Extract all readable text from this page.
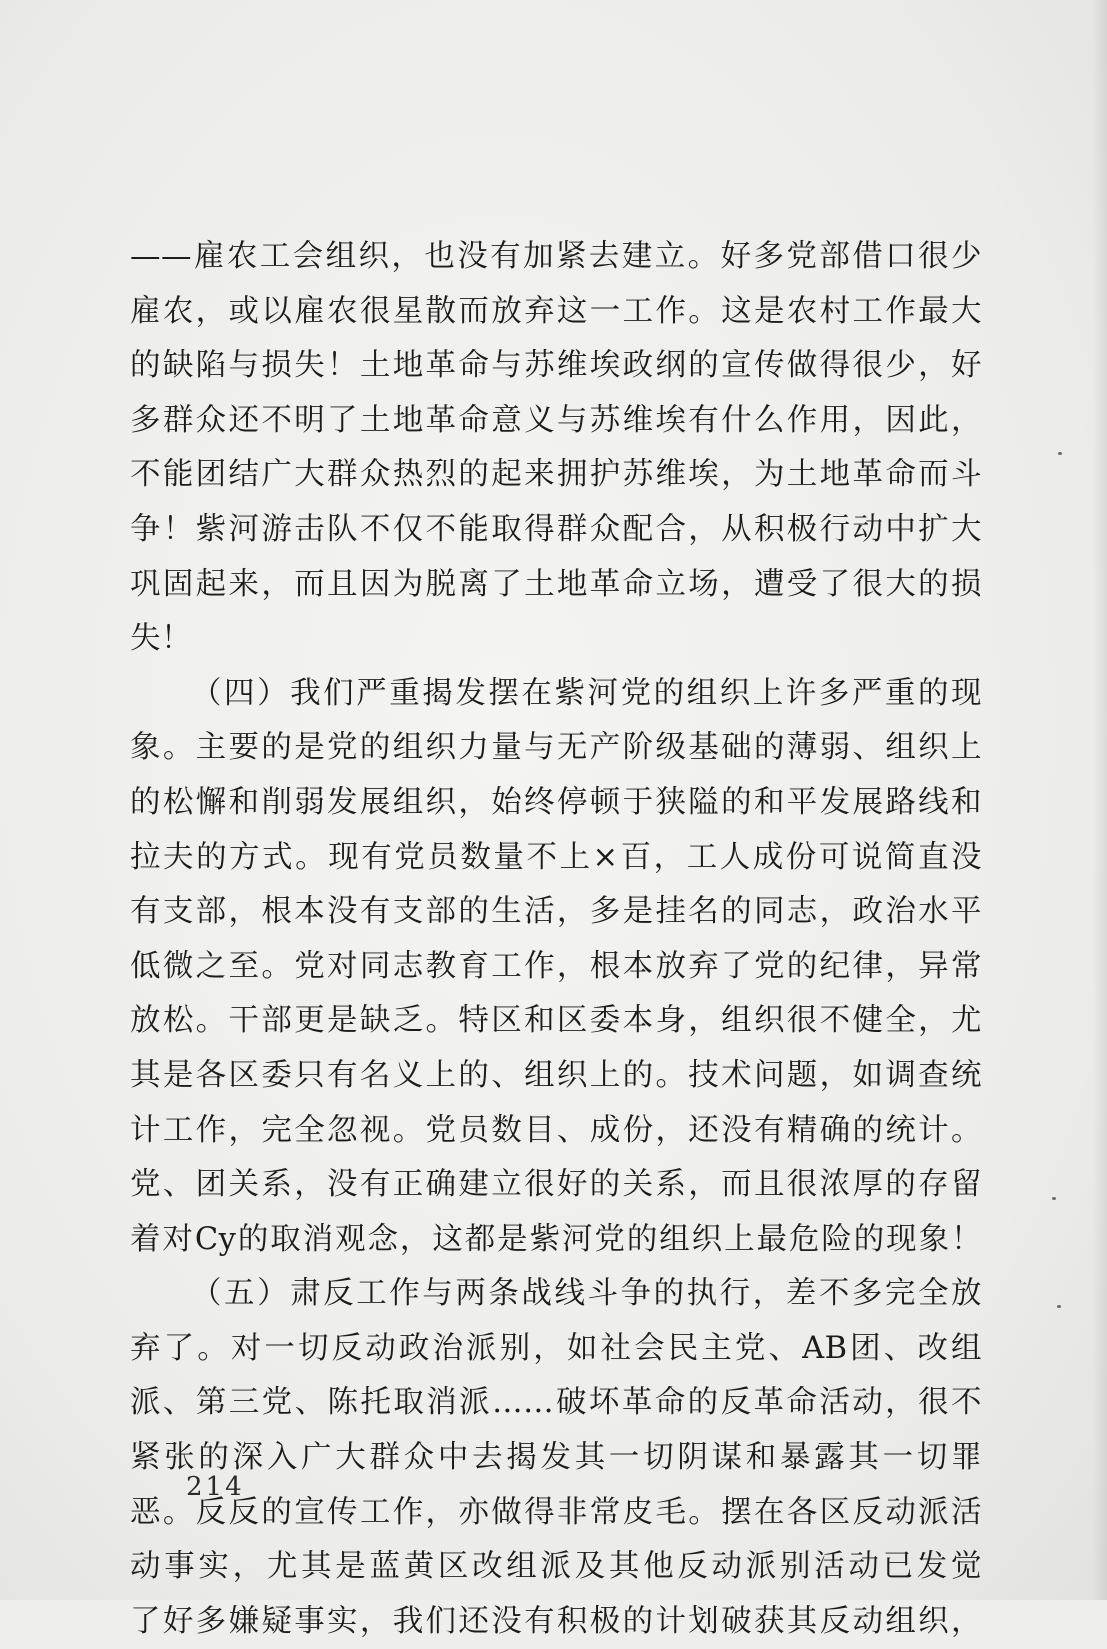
——雇农工会组织，也没有加紧去建立。好多党部借口很少
雇农，或以雇农很星散而放弃这一工作。这是农村工作最大
的缺陷与损失！土地革命与苏维埃政纲的宣传做得很少，好
多群众还不明了土地革命意义与苏维埃有什么作用，因此，
不能团结广大群众热烈的起来拥护苏维埃，为土地革命而斗
争！紫河游击队不仅不能取得群众配合，从积极行动中扩大
巩固起来，而且因为脱离了土地革命立场，遭受了很大的损
失！
（四）我们严重揭发摆在紫河党的组织上许多严重的现
象。主要的是党的组织力量与无产阶级基础的薄弱、组织上
的松懈和削弱发展组织，始终停顿于狭隘的和平发展路线和
拉夫的方式。现有党员数量不上×百，工人成份可说简直没
有支部，根本没有支部的生活，多是挂名的同志，政治水平
低微之至。党对同志教育工作，根本放弃了党的纪律，异常
放松。干部更是缺乏。特区和区委本身，组织很不健全，尤
其是各区委只有名义上的、组织上的。技术问题，如调查统
计工作，完全忽视。党员数目、成份，还没有精确的统计。
党、团关系，没有正确建立很好的关系，而且很浓厚的存留
着对Cy的取消观念，这都是紫河党的组织上最危险的现象！
（五）肃反工作与两条战线斗争的执行，差不多完全放
弃了。对一切反动政治派别，如社会民主党、AB团、改组
派、第三党、陈托取消派……破坏革命的反革命活动，很不
紧张的深入广大群众中去揭发其一切阴谋和暴露其一切罪
恶。反反的宣传工作，亦做得非常皮毛。摆在各区反动派活
动事实，尤其是蓝黄区改组派及其他反动派别活动已发觉
了好多嫌疑事实，我们还没有积极的计划破获其反动组织，
214
